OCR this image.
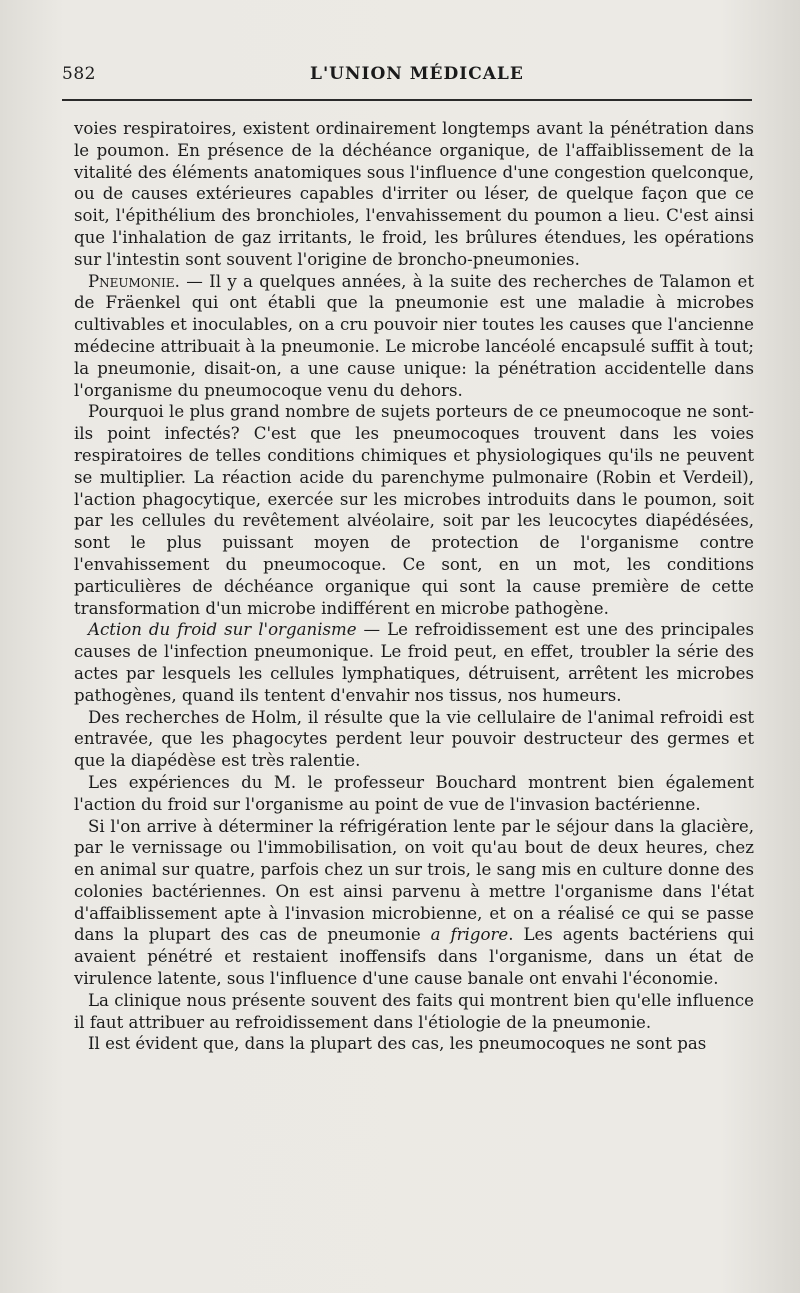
582	L'UNION MÉDICALE

voies respiratoires, existent ordinairement longtemps avant la pénétration dans le poumon. En présence de la déchéance organique, de l'affaiblissement de la vitalité des éléments anatomiques sous l'influence d'une congestion quelconque, ou de causes extérieures capables d'irriter ou léser, de quelque façon que ce soit, l'épithélium des bronchioles, l'envahissement du poumon a lieu. C'est ainsi que l'inhalation de gaz irritants, le froid, les brûlures étendues, les opérations sur l'intestin sont souvent l'origine de broncho-pneumonies.

Pneumonie. — Il y a quelques années, à la suite des recherches de Talamon et de Fräenkel qui ont établi que la pneumonie est une maladie à microbes cultivables et inoculables, on a cru pouvoir nier toutes les causes que l'ancienne médecine attribuait à la pneumonie. Le microbe lancéolé encapsulé suffit à tout; la pneumonie, disait-on, a une cause unique: la pénétration accidentelle dans l'organisme du pneumocoque venu du dehors.

Pourquoi le plus grand nombre de sujets porteurs de ce pneumocoque ne sont-ils point infectés? C'est que les pneumocoques trouvent dans les voies respiratoires de telles conditions chimiques et physiologiques qu'ils ne peuvent se multiplier. La réaction acide du parenchyme pulmonaire (Robin et Verdeil), l'action phagocytique, exercée sur les microbes introduits dans le poumon, soit par les cellules du revêtement alvéolaire, soit par les leucocytes diapédésées, sont le plus puissant moyen de protection de l'organisme contre l'envahissement du pneumocoque. Ce sont, en un mot, les conditions particulières de déchéance organique qui sont la cause première de cette transformation d'un microbe indifférent en microbe pathogène.

Action du froid sur l'organisme — Le refroidissement est une des principales causes de l'infection pneumonique. Le froid peut, en effet, troubler la série des actes par lesquels les cellules lymphatiques, détruisent, arrêtent les microbes pathogènes, quand ils tentent d'envahir nos tissus, nos humeurs.

Des recherches de Holm, il résulte que la vie cellulaire de l'animal refroidi est entravée, que les phagocytes perdent leur pouvoir destructeur des germes et que la diapédèse est très ralentie.

Les expériences du M. le professeur Bouchard montrent bien également l'action du froid sur l'organisme au point de vue de l'invasion bactérienne.

Si l'on arrive à déterminer la réfrigération lente par le séjour dans la glacière, par le vernissage ou l'immobilisation, on voit qu'au bout de deux heures, chez en animal sur quatre, parfois chez un sur trois, le sang mis en culture donne des colonies bactériennes. On est ainsi parvenu à mettre l'organisme dans l'état d'affaiblissement apte à l'invasion microbienne, et on a réalisé ce qui se passe dans la plupart des cas de pneumonie a frigore. Les agents bactériens qui avaient pénétré et restaient inoffensifs dans l'organisme, dans un état de virulence latente, sous l'influence d'une cause banale ont envahi l'économie.

La clinique nous présente souvent des faits qui montrent bien qu'elle influence il faut attribuer au refroidissement dans l'étiologie de la pneumonie.

Il est évident que, dans la plupart des cas, les pneumocoques ne sont pas
